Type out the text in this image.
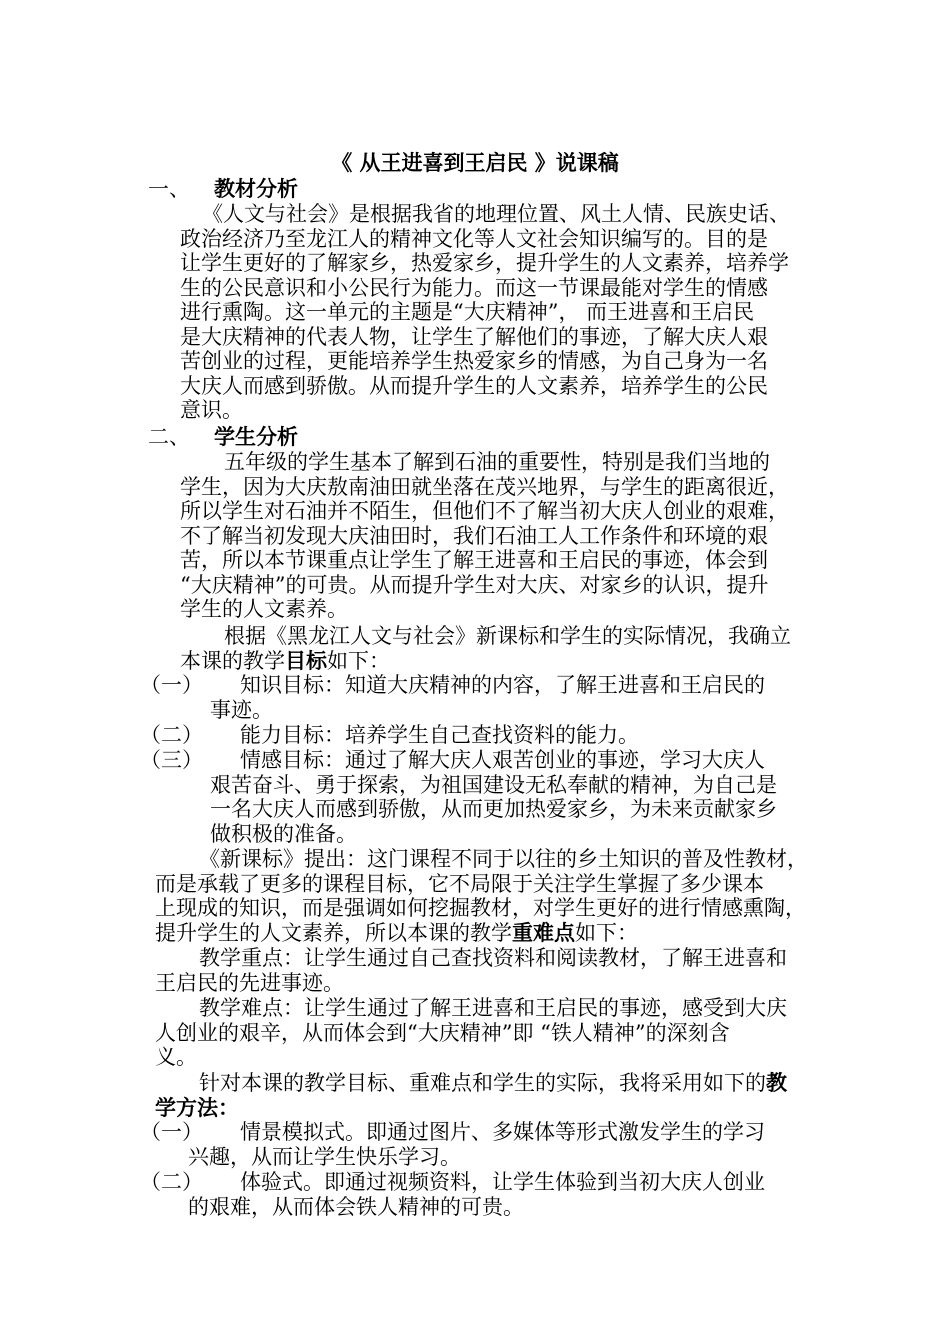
《 从王进喜到王启民 》说课稿
一、 教材分析

《人文与社会》是根据我省的地理位置、风土人情、民族史话、

政治经济乃至龙江人的精神文化等人文社会知识编写的。目的是

让学生更好的了解家乡，热爱家乡，提升学生的人文素养，培养学

生的公民意识和小公民行为能力。而这一节课最能对学生的情感

进行熏陶。这一单元的主题是“大庆精神”， 而王进喜和王启民

是大庆精神的代表人物，让学生了解他们的事迹，了解大庆人艰

苦创业的过程，更能培养学生热爱家乡的情感，为自己身为一名

大庆人而感到骄傲。从而提升学生的人文素养，培养学生的公民

意识。

二、 学生分析

五年级的学生基本了解到石油的重要性，特别是我们当地的

学生，因为大庆敖南油田就坐落在茂兴地界，与学生的距离很近，

所以学生对石油并不陌生，但他们不了解当初大庆人创业的艰难，

不了解当初发现大庆油田时，我们石油工人工作条件和环境的艰

苦，所以本节课重点让学生了解王进喜和王启民的事迹，体会到

“大庆精神”的可贵。从而提升学生对大庆、对家乡的认识，提升

学生的人文素养。

根据《黑龙江人文与社会》新课标和学生的实际情况，我确立

本课的教学目标如下：

（一） 知识目标：知道大庆精神的内容，了解王进喜和王启民的
事迹。
（二） 能力目标：培养学生自己查找资料的能力。
（三） 情感目标：通过了解大庆人艰苦创业的事迹，学习大庆人
艰苦奋斗、勇于探索，为祖国建设无私奉献的精神，为自己是
一名大庆人而感到骄傲，从而更加热爱家乡，为未来贡献家乡
做积极的准备。

《新课标》提出：这门课程不同于以往的乡土知识的普及性教材，

而是承载了更多的课程目标，它不局限于关注学生掌握了多少课本

上现成的知识，而是强调如何挖掘教材，对学生更好的进行情感熏陶，

提升学生的人文素养，所以本课的教学重难点如下：

教学重点：让学生通过自己查找资料和阅读教材，了解王进喜和

王启民的先进事迹。

教学难点：让学生通过了解王进喜和王启民的事迹，感受到大庆

人创业的艰辛，从而体会到“大庆精神”即 “铁人精神”的深刻含

义。

针对本课的教学目标、重难点和学生的实际，我将采用如下的教

学方法：

（一） 情景模拟式。即通过图片、多媒体等形式激发学生的学习
兴趣，从而让学生快乐学习。
（二） 体验式。即通过视频资料，让学生体验到当初大庆人创业
的艰难，从而体会铁人精神的可贵。
